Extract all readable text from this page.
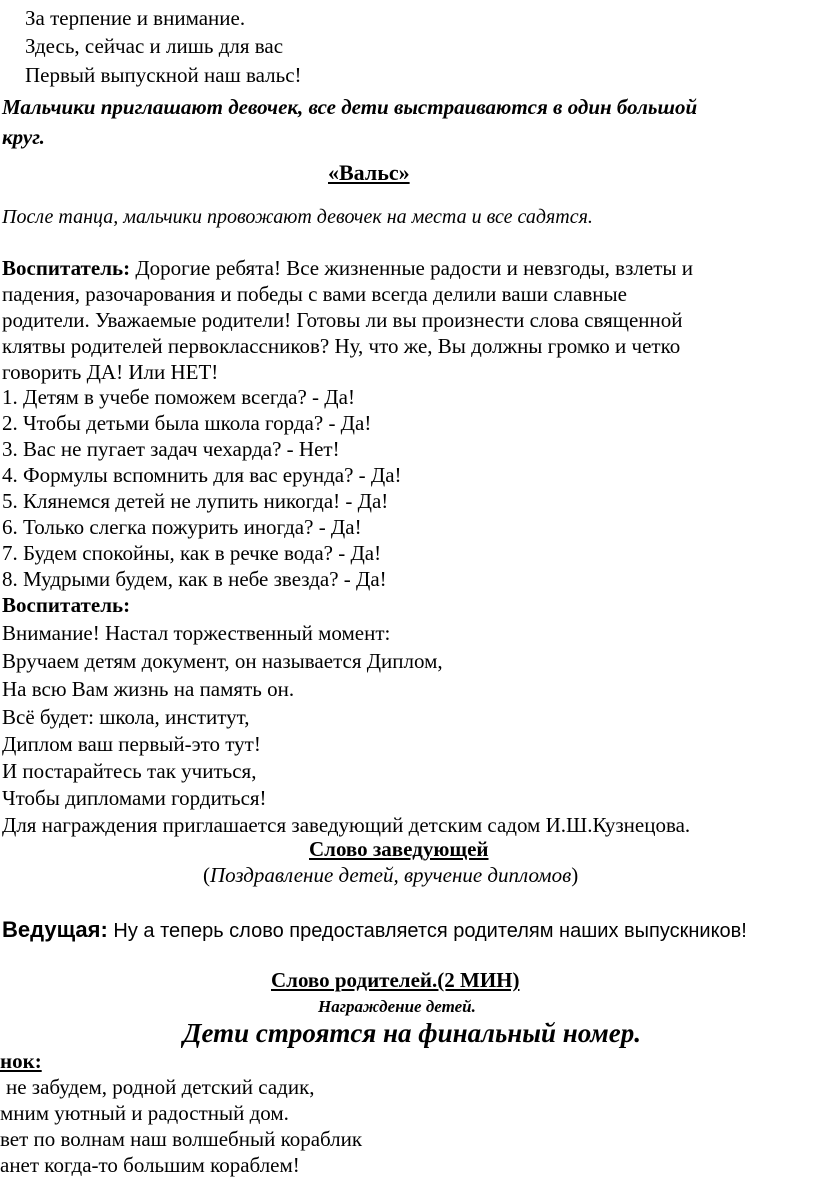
За терпение и внимание.
Здесь, сейчас и лишь для вас
Первый выпускной наш вальс!
Мальчики приглашают девочек, все дети выстраиваются в один большой
круг.
«Вальс»
После танца, мальчики провожают девочек на места и все садятся.
Воспитатель: Дорогие ребята! Все жизненные радости и невзгоды, взлеты и
падения, разочарования и победы с вами всегда делили ваши славные
родители. Уважаемые родители! Готовы ли вы произнести слова священной
клятвы родителей первоклассников? Ну, что же, Вы должны громко и четко
говорить ДА! Или НЕТ!
1. Детям в учебе поможем всегда? - Да!
2. Чтобы детьми была школа горда? - Да!
3. Вас не пугает задач чехарда? - Нет!
4. Формулы вспомнить для вас ерунда? - Да!
5. Клянемся детей не лупить никогда! - Да!
6. Только слегка пожурить иногда? - Да!
7. Будем спокойны, как в речке вода? - Да!
8. Мудрыми будем, как в небе звезда? - Да!
Воспитатель:
Внимание! Настал торжественный момент:
Вручаем детям документ, он называется Диплом,
На всю Вам жизнь на память он.
Всё будет: школа, институт,
Диплом ваш первый-это тут!
И постарайтесь так учиться,
Чтобы дипломами гордиться!
Для награждения приглашается заведующий детским садом И.Ш.Кузнецова.
Слово заведующей
(Поздравление детей, вручение дипломов)
Ведущая: Ну а теперь слово предоставляется родителям наших выпускников!
Слово родителей.(2 МИН)
Награждение детей.
Дети строятся на финальный номер.
нок:
не забудем, родной детский садик,
мним уютный и радостный дом.
вет по волнам наш волшебный кораблик
анет когда-то большим кораблем!
